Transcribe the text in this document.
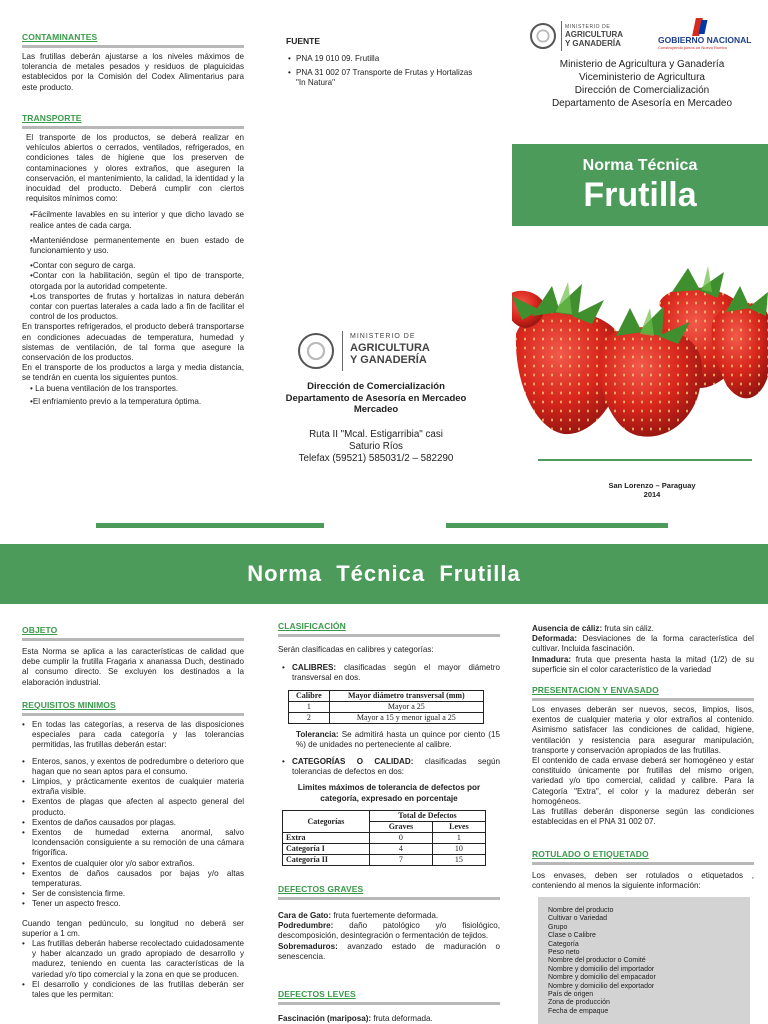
CONTAMINANTES
Las frutillas deberán ajustarse a los niveles máximos de tolerancia de metales pesados y residuos de plaguicidas establecidos por la Comisión del Codex Alimentarius para este producto.
TRANSPORTE
El transporte de los productos, se deberá realizar en vehículos abiertos o cerrados, ventilados, refrigerados, en condiciones tales de higiene que los preserven de contaminaciones y olores extraños, que aseguren la conservación, el mantenimiento, la calidad, la identidad y la inocuidad del producto. Deberá cumplir con ciertos requisitos mínimos como:
•Fácilmente lavables en su interior y que dicho lavado se realice antes de cada carga.
•Manteniéndose permanentemente en buen estado de funcionamiento y uso.
•Contar con seguro de carga.
•Contar con la habilitación, según el tipo de transporte, otorgada por la autoridad competente.
•Los transportes de frutas y hortalizas in natura deberán contar con puertas laterales a cada lado a fin de facilitar el control de los productos.
En transportes refrigerados, el producto deberá transportarse en condiciones adecuadas de temperatura, humedad y sistemas de ventilación, de tal forma que asegure la conservación de los productos.
En el transporte de los productos a larga y media distancia, se tendrán en cuenta los siguientes puntos.
• La buena ventilación de los transportes.
•El enfriamiento previo a la temperatura óptima.
FUENTE
• PNA 19 010 09. Frutilla
• PNA 31 002 07 Transporte de Frutas y Hortalizas "In Natura"
MINISTERIO DE
AGRICULTURA
Y GANADERÍA
Dirección de Comercialización
Departamento de Asesoría en Mercadeo
Mercadeo
Ruta II "Mcal. Estigarribia" casi
Saturio Ríos
Telefax (59521) 585031/2 – 582290
MINISTERIO DE
AGRICULTURA
Y GANADERÍA	GOBIERNO NACIONAL
Construyendo juntos un Nuevo Rumbo
Ministerio de Agricultura y Ganadería
Viceministerio de Agricultura
Dirección de Comercialización
Departamento de Asesoría en Mercadeo
Norma Técnica
Frutilla
San Lorenzo – Paraguay
2014
Norma  Técnica  Frutilla
OBJETO
Esta Norma se aplica a las características de calidad que debe cumplir la frutilla Fragaria x ananassa Duch, destinado al consumo directo. Se excluyen los destinados a la elaboración industrial.
REQUISITOS MINIMOS
• En todas las categorías, a reserva de las disposiciones especiales para cada categoría y las tolerancias permitidas, las frutillas deberán estar:
• Enteros, sanos, y exentos de podredumbre o deterioro que hagan que no sean aptos para el consumo.
• Limpios, y prácticamente exentos de cualquier materia extraña visible.
• Exentos de plagas que afecten al aspecto general del producto.
• Exentos de daños causados por plagas.
• Exentos de humedad externa anormal, salvo lcondensación consiguiente a su remoción de una cámara frigorífica.
• Exentos de cualquier olor y/o sabor extraños.
• Exentos de daños causados por bajas y/o altas temperaturas.
• Ser de consistencia firme.
• Tener un aspecto fresco.
Cuando tengan pedúnculo, su longitud no deberá ser superior a 1 cm.
• Las frutillas deberán haberse recolectado cuidadosamente y haber alcanzado un grado apropiado de desarrollo y madurez, teniendo en cuenta las características de la variedad y/o tipo comercial y la zona en que se producen.
• El desarrollo y condiciones de las frutillas deberán ser tales que les permitan:
CLASIFICACIÓN
Serán clasificadas en calibres y categorías:
• CALIBRES: clasificadas según el mayor diámetro transversal en dos.
Calibre	Mayor diámetro transversal (mm)
1	Mayor a 25
2	Mayor a 15 y menor igual a 25
Tolerancia: Se admitirá hasta un quince por ciento (15 %) de unidades no perteneciente al calibre.
• CATEGORÍAS O CALIDAD: clasificadas según tolerancias de defectos en dos:
Limites máximos de tolerancia de defectos por categoría, expresado en porcentaje
Categorías	Total de Defectos	
	Graves	Leves
Extra	0	1
Categoría I	4	10
Categoría II	7	15
DEFECTOS GRAVES
Cara de Gato: fruta fuertemente deformada.
Podredumbre: daño patológico y/o fisiológico, descomposición, desintegración o fermentación de tejidos.
Sobremaduros: avanzado estado de maduración o senescencia.
DEFECTOS LEVES
Fascinación (mariposa): fruta deformada.
Ausencia de cáliz: fruta sin cáliz.
Deformada: Desviaciones de la forma característica del cultivar. Incluida fascinación.
Inmadura: fruta que presenta hasta la mitad (1/2) de su superficie sin el color característico de la variedad
PRESENTACION Y ENVASADO
Los envases deberán ser nuevos, secos, limpios, lisos, exentos de cualquier materia y olor extraños al contenido. Asimismo satisfacer las condiciones de calidad, higiene, ventilación y resistencia para asegurar manipulación, transporte y conservación apropiados de las frutillas.
El contenido de cada envase deberá ser homogéneo y estar constituido únicamente por frutillas del mismo origen, variedad y/o tipo comercial, calidad y calibre. Para la Categoría "Extra", el color y la madurez deberán ser homogéneos.
Las frutillas deberán disponerse según las condiciones establecidas en el PNA 31 002 07.
ROTULADO O ETIQUETADO
Los envases, deben ser rotulados o etiquetados , conteniendo al menos la siguiente información:
Nombre del producto
Cultivar o Variedad
Grupo
Clase o Calibre
Categoría
Peso neto
Nombre del productor o Comité
Nombre y domicilio del importador
Nombre y domicilio del empacador
Nombre y domicilio del exportador
País de origen
Zona de producción
Fecha de empaque
